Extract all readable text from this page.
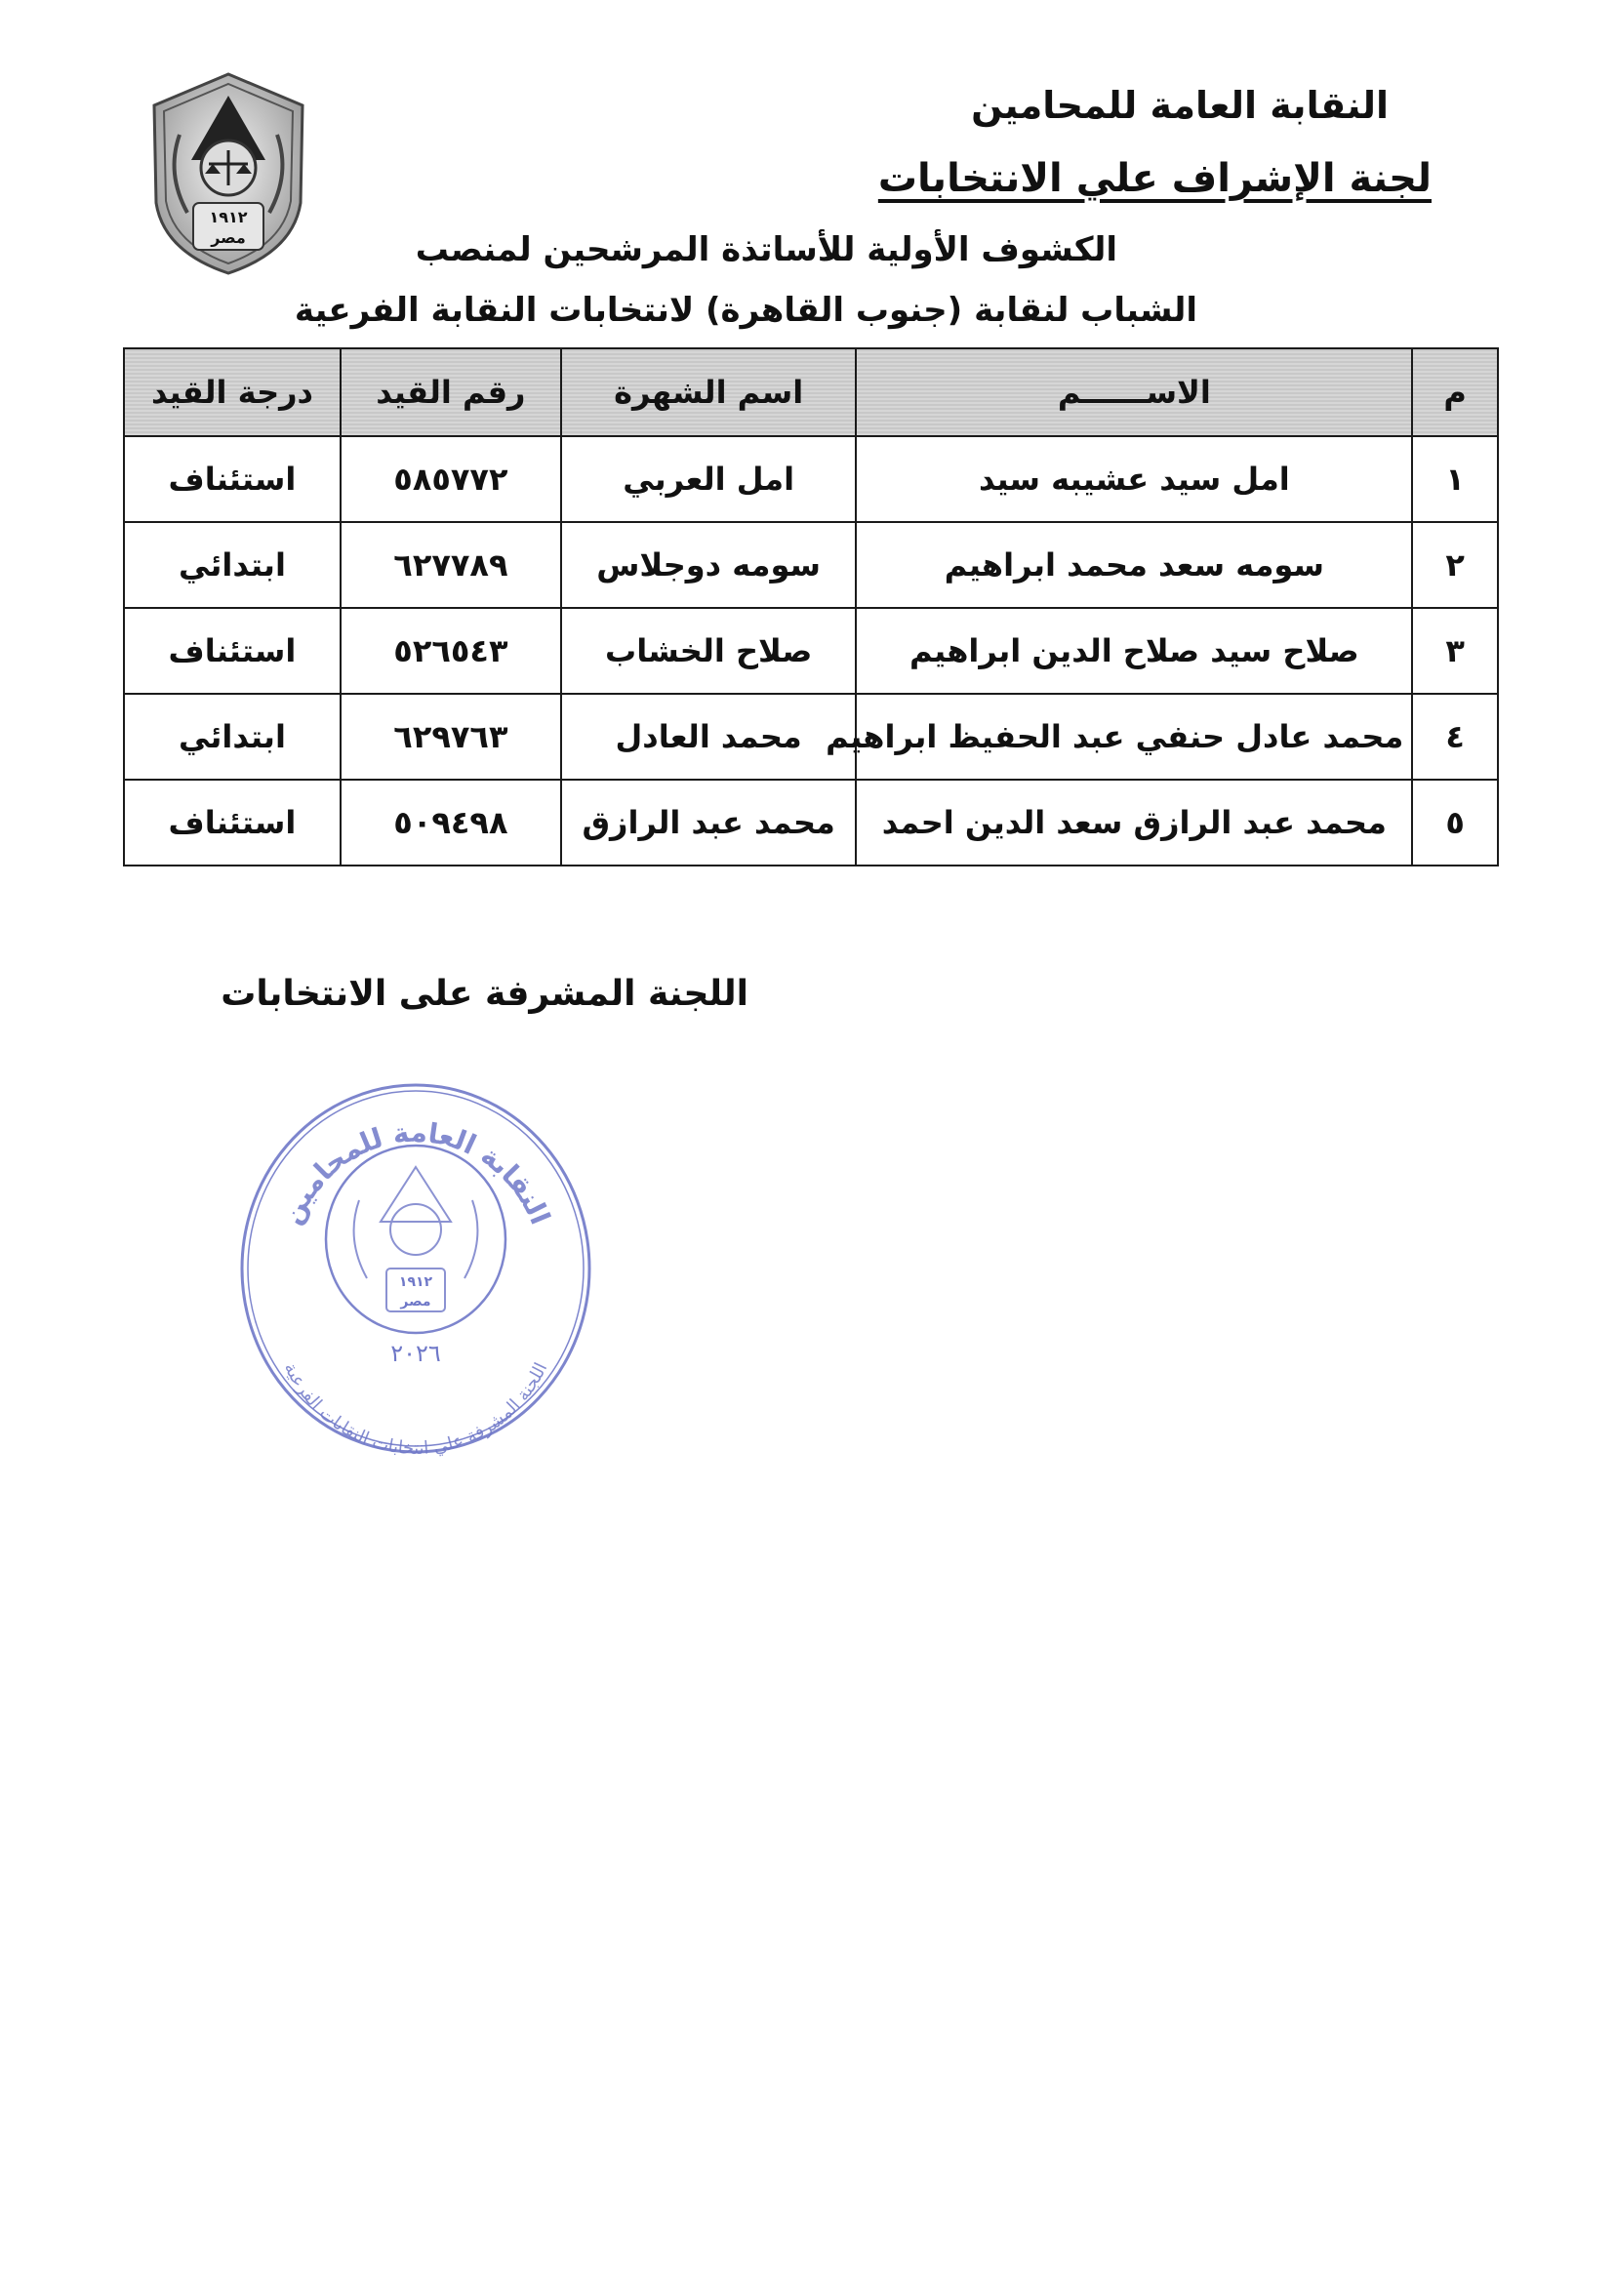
١٩١٢
مصر
النقابة العامة للمحامين
لجنة الإشراف علي الانتخابات
الكشوف الأولية للأساتذة المرشحين لمنصب
الشباب لنقابة (جنوب القاهرة) لانتخابات النقابة الفرعية
م	الاســــــم	اسم الشهرة	رقم القيد	درجة القيد
١	امل سيد عشيبه سيد	امل العربي	٥٨٥٧٧٢	استئناف
٢	سومه سعد محمد ابراهيم	سومه دوجلاس	٦٢٧٧٨٩	ابتدائي
٣	صلاح سيد صلاح الدين ابراهيم	صلاح الخشاب	٥٢٦٥٤٣	استئناف
٤	محمد عادل حنفي عبد الحفيظ ابراهيم	محمد العادل	٦٢٩٧٦٣	ابتدائي
٥	محمد عبد الرازق سعد الدين احمد	محمد عبد الرازق	٥٠٩٤٩٨	استئناف
اللجنة المشرفة على الانتخابات
النقابة العامة للمحامين
اللجنة المشرفة علي انتخابات النقابات الفرعية
١٩١٢
مصر
٢٠٢٦
